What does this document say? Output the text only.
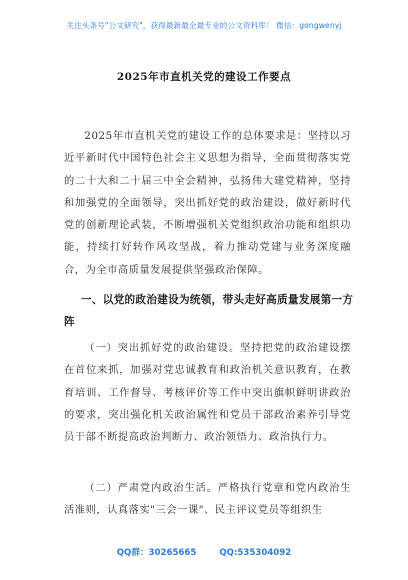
关注头条号"公文研究"，获得最新最全最专业的公文资料库！ 微信：gongwenyj
2025年市直机关党的建设工作要点
2025年市直机关党的建设工作的总体要求是：坚持以习近平新时代中国特色社会主义思想为指导，全面贯彻落实党的二十大和二十届三中全会精神，弘扬伟大建党精神，坚持和加强党的全面领导，突出抓好党的政治建设，做好新时代党的创新理论武装，不断增强机关党组织政治功能和组织功能，持续打好转作风攻坚战，着力推动党建与业务深度融合，为全市高质量发展提供坚强政治保障。
一、以党的政治建设为统领，带头走好高质量发展第一方阵
（一）突出抓好党的政治建设。坚持把党的政治建设摆在首位来抓，加强对党忠诚教育和政治机关意识教育，在教育培训、工作督导、考核评价等工作中突出旗帜鲜明讲政治的要求，突出强化机关政治属性和党员干部政治素养引导党员干部不断提高政治判断力、政治领悟力、政治执行力。
（二）严肃党内政治生活。严格执行党章和党内政治生活准则，认真落实"三会一课"、民主评议党员等组织生
QQ群：30265665	QQ:535304092
